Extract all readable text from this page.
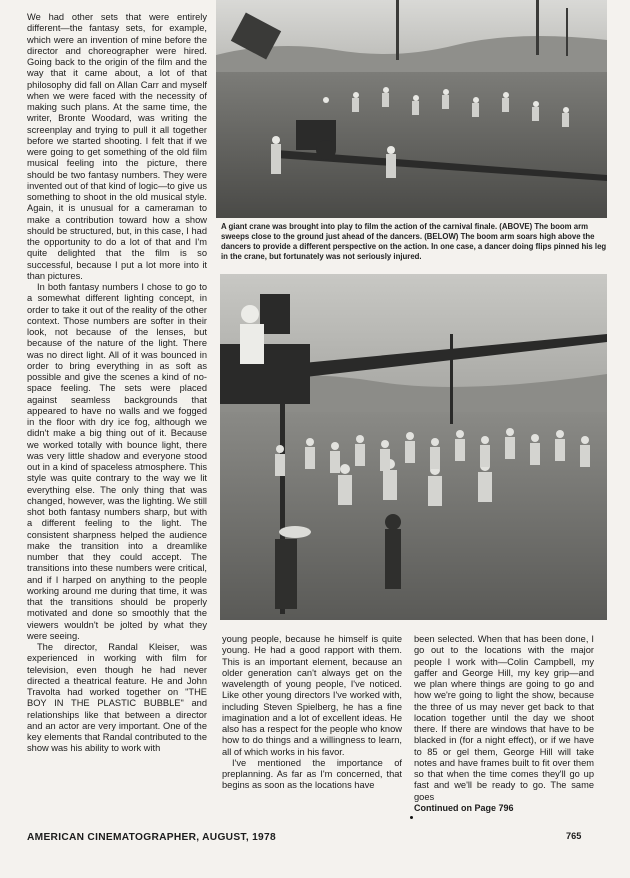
We had other sets that were entirely different—the fantasy sets, for example, which were an invention of mine before the director and choreographer were hired. Going back to the origin of the film and the way that it came about, a lot of that philosophy did fall on Allan Carr and myself when we were faced with the necessity of making such plans. At the same time, the writer, Bronte Woodard, was writing the screenplay and trying to pull it all together before we started shooting. I felt that if we were going to get something of the old film musical feeling into the picture, there should be two fantasy numbers. They were invented out of that kind of logic—to give us something to shoot in the old musical style. Again, it is unusual for a cameraman to make a contribution toward how a show should be structured, but, in this case, I had the opportunity to do a lot of that and I'm quite delighted that the film is so successful, because I put a lot more into it than pictures.

In both fantasy numbers I chose to go to a somewhat different lighting concept, in order to take it out of the reality of the other context. Those numbers are softer in their look, not because of the lenses, but because of the nature of the light. There was no direct light. All of it was bounced in order to bring everything in as soft as possible and give the scenes a kind of no-space feeling. The sets were placed against seamless backgrounds that appeared to have no walls and we fogged in the floor with dry ice fog, although we didn't make a big thing out of it. Because we worked totally with bounce light, there was very little shadow and everyone stood out in a kind of spaceless atmosphere. This style was quite contrary to the way we lit everything else. The only thing that was changed, however, was the lighting. We still shot both fantasy numbers sharp, but with a different feeling to the light. The consistent sharpness helped the audience make the transition into a dreamlike number that they could accept. The transitions into these numbers were critical, and if I harped on anything to the people working around me during that time, it was that the transitions should be properly motivated and done so smoothly that the viewers wouldn't be jolted by what they were seeing.

The director, Randal Kleiser, was experienced in working with film for television, even though he had never directed a theatrical feature. He and John Travolta had worked together on "THE BOY IN THE PLASTIC BUBBLE" and relationships like that between a director and an actor are very important. One of the key elements that Randal contributed to the show was his ability to work with

A giant crane was brought into play to film the action of the carnival finale. (ABOVE) The boom arm sweeps close to the ground just ahead of the dancers. (BELOW) The boom arm soars high above the dancers to provide a different perspective on the action. In one case, a dancer doing flips pinned his leg in the crane, but fortunately was not seriously injured.

young people, because he himself is quite young. He had a good rapport with them. This is an important element, because an older generation can't always get on the wavelength of young people, I've noticed. Like other young directors I've worked with, including Steven Spielberg, he has a fine imagination and a lot of excellent ideas. He also has a respect for the people who know how to do things and a willingness to learn, all of which works in his favor.

I've mentioned the importance of preplanning. As far as I'm concerned, that begins as soon as the locations have

been selected. When that has been done, I go out to the locations with the major people I work with—Colin Campbell, my gaffer and George Hill, my key grip—and we plan where things are going to go and how we're going to light the show, because the three of us may never get back to that location together until the day we shoot there. If there are windows that have to be blacked in (for a night effect), or if we have to 85 or gel them, George Hill will take notes and have frames built to fit over them so that when the time comes they'll go up fast and we'll be ready to go. The same goes

Continued on Page 796

AMERICAN CINEMATOGRAPHER, AUGUST, 1978	765
